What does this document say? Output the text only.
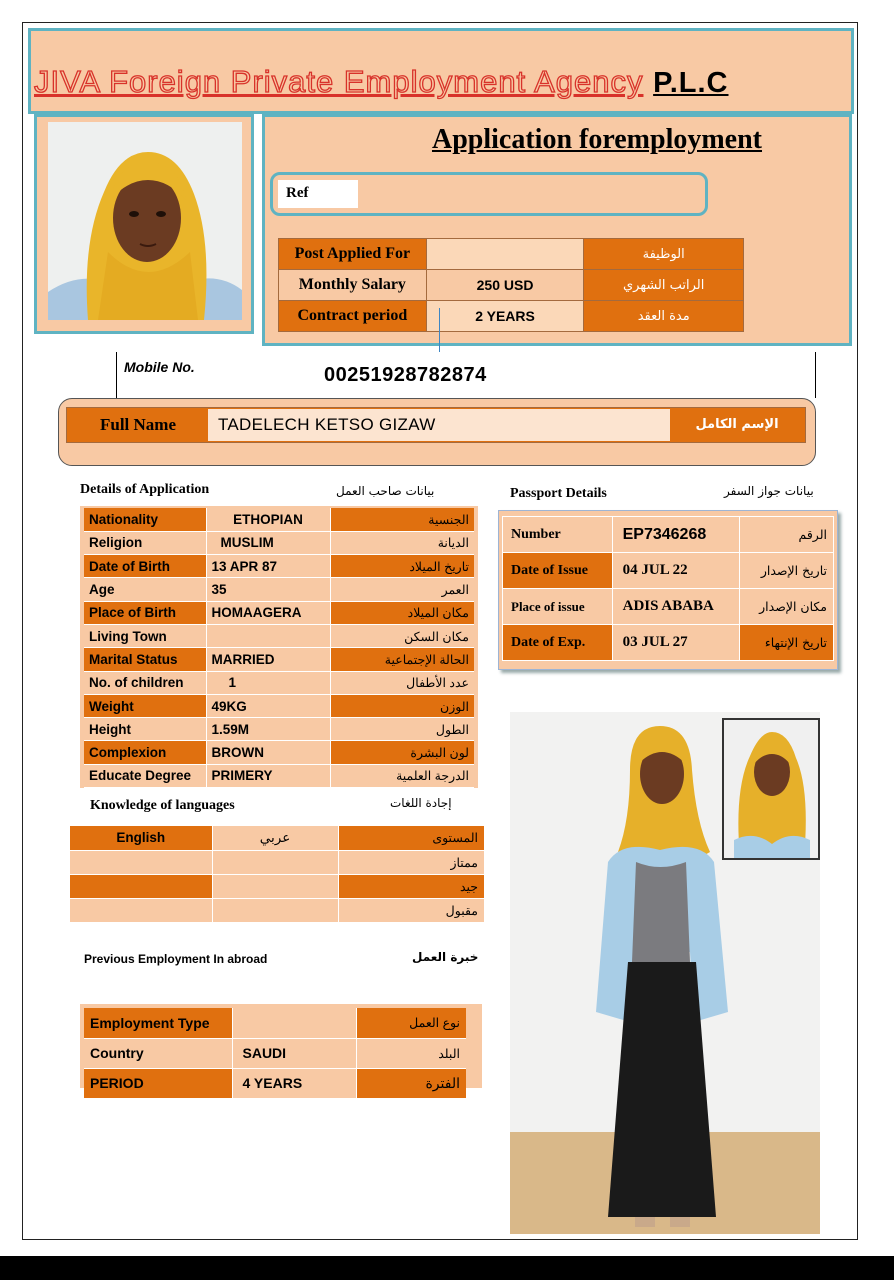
JIVA Foreign Private Employment Agency P.L.C
Application foremployment
Ref
Post Applied For		الوظيفة
Monthly Salary	250 USD	الراتب الشهري
Contract period	2 YEARS	مدة العقد
Mobile No.	00251928782874
Full Name	TADELECH KETSO GIZAW	الإسم الكامل
Details of Application	بيانات صاحب العمل
Nationality	ETHOPIAN	الجنسية
Religion	MUSLIM	الديانة
Date of Birth	13 APR 87	تاريخ الميلاد
Age	35	العمر
Place of Birth	HOMAAGERA	مكان الميلاد
Living Town		مكان السكن
Marital Status	MARRIED	الحالة الإجتماعية
No. of children	1	عدد الأطفال
Weight	49KG	الوزن
Height	1.59M	الطول
Complexion	BROWN	لون البشرة
Educate Degree	PRIMERY	الدرجة العلمية
Passport Details	بيانات جواز السفر
Number	EP7346268	الرقم
Date of Issue	04 JUL 22	تاريخ الإصدار
Place of issue	ADIS ABABA	مكان الإصدار
Date of Exp.	03 JUL 27	تاريخ الإنتهاء
Knowledge of languages	إجادة اللغات
English	عربي	المستوى
		ممتاز
		جيد
		مقبول
Previous Employment In abroad	خبرة العمل
Employment Type		نوع العمل
Country	SAUDI	البلد
PERIOD	4 YEARS	الفترة
